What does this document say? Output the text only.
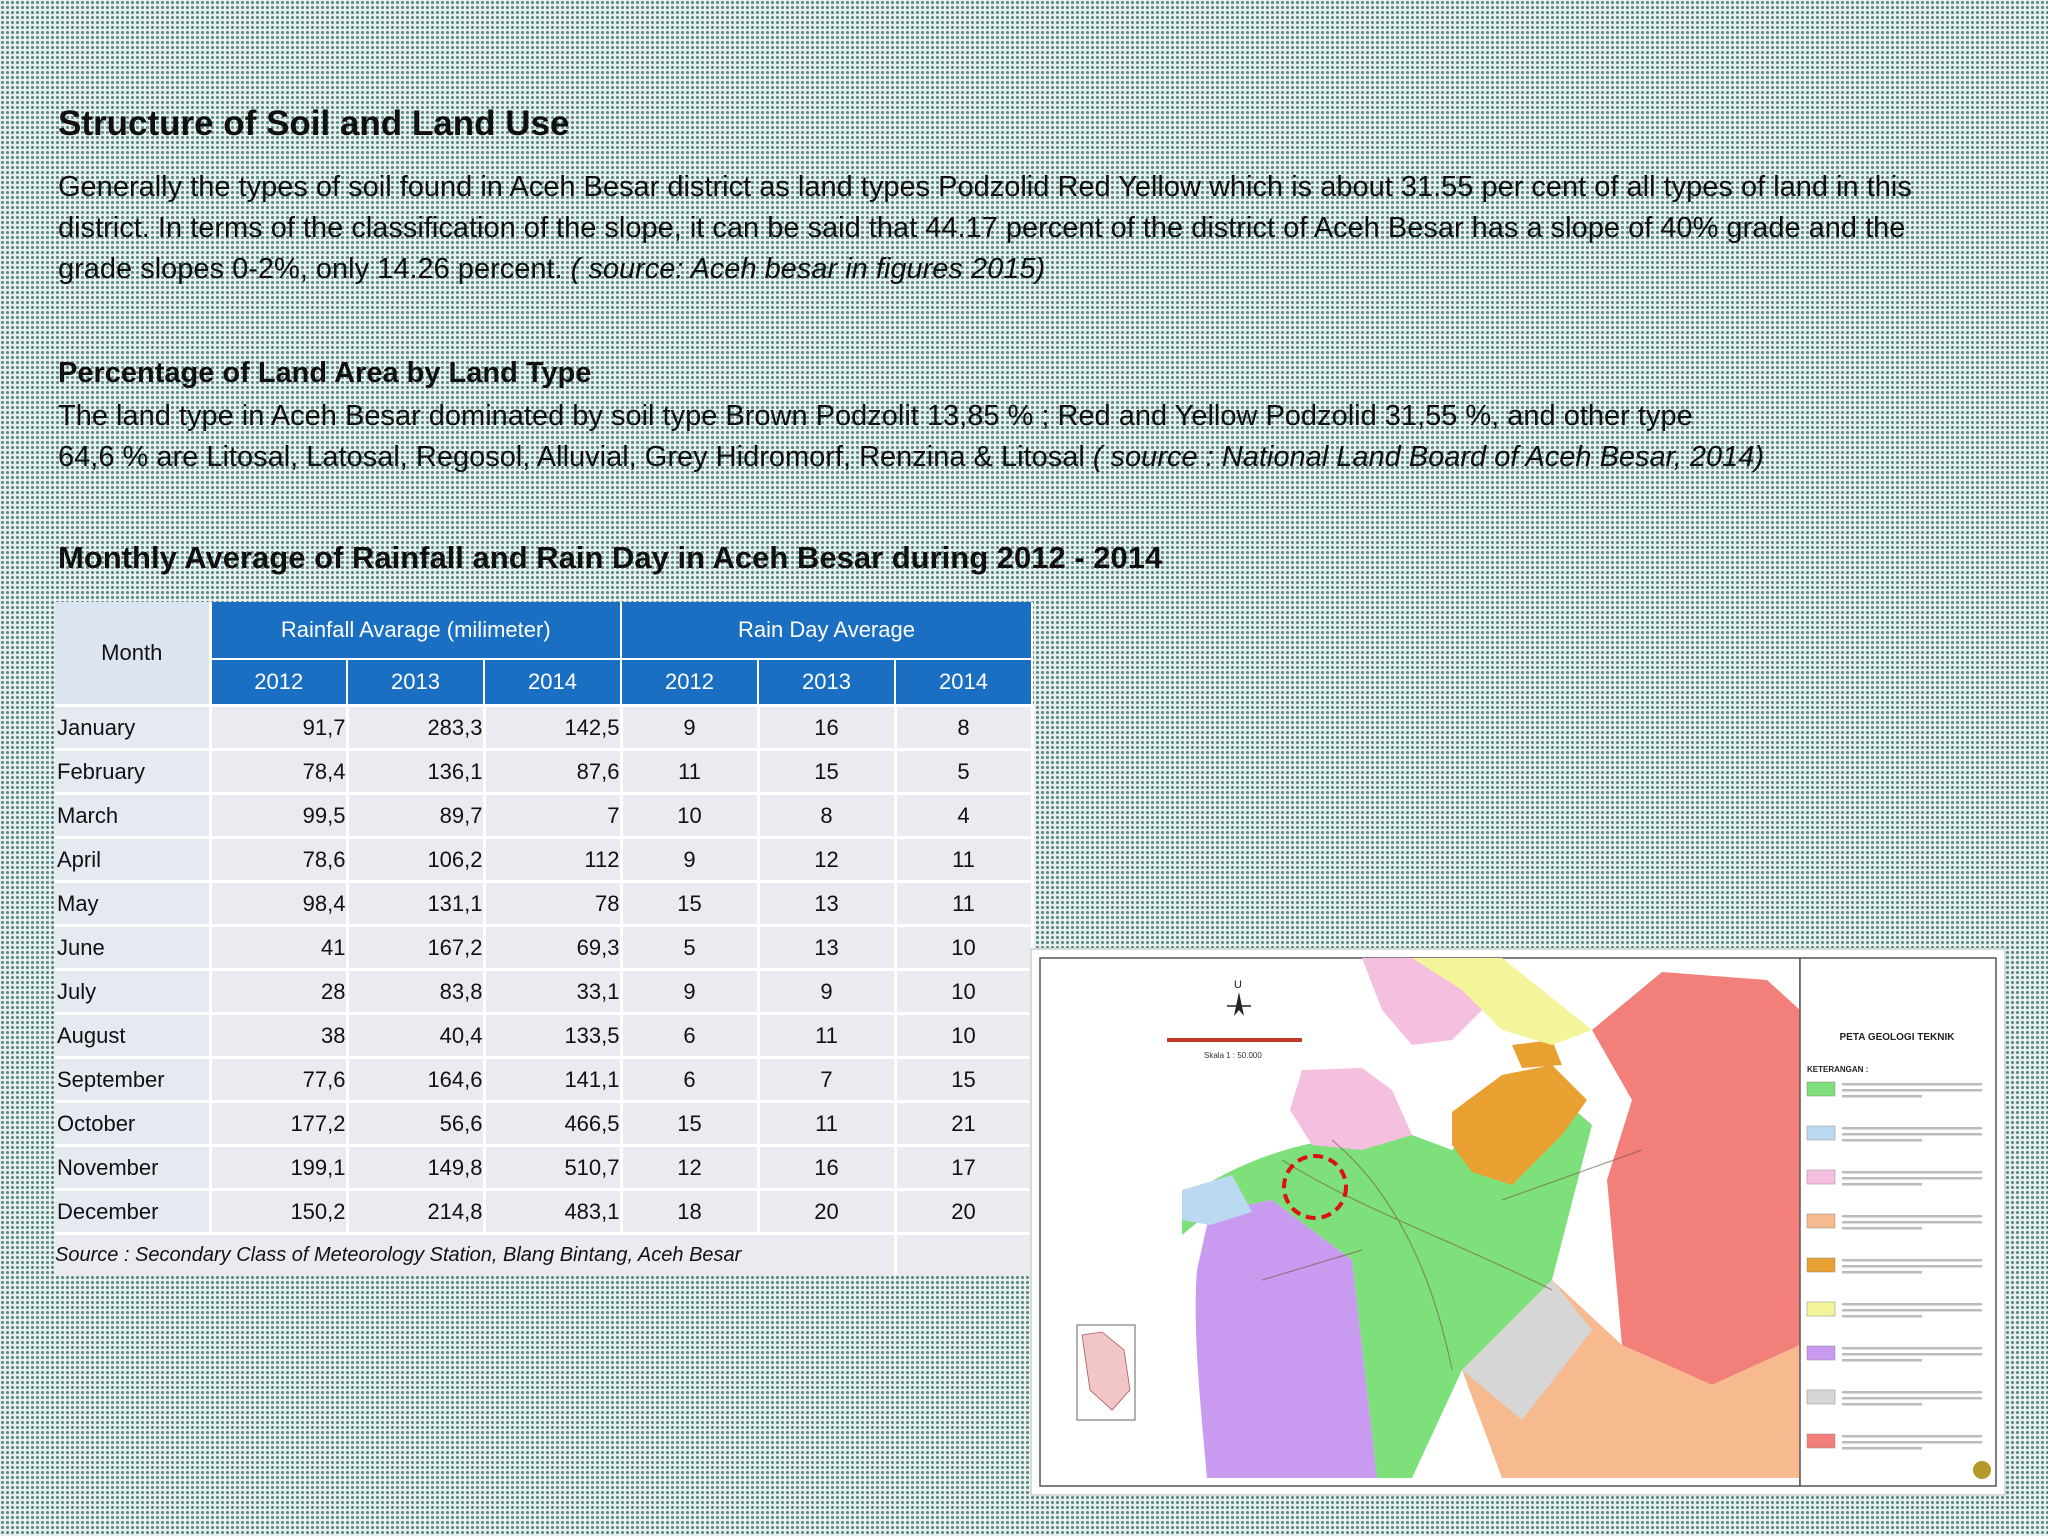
Structure of Soil and Land Use

Generally the types of soil found in Aceh Besar district as land types Podzolid Red Yellow which is about 31.55 per cent of all types of land in this district. In terms of the classification of the slope, it can be said that 44.17 percent of the district of Aceh Besar has a slope of 40% grade and the grade slopes 0-2%, only 14.26 percent. ( source: Aceh besar in figures 2015)

Percentage of Land Area by Land Type

The land type in Aceh Besar dominated by soil type Brown Podzolit 13,85 % ; Red and Yellow Podzolid 31,55 %, and other type
64,6 % are Litosal, Latosal, Regosol, Alluvial, Grey Hidromorf, Renzina & Litosal ( source : National Land Board of Aceh Besar, 2014)

Monthly Average of Rainfall and Rain Day in Aceh Besar during 2012 - 2014
Month	Rainfall Avarage (milimeter)			Rain Day Average		
	2012	2013	2014	2012	2013	2014
January	91,7	283,3	142,5	9	16	8
February	78,4	136,1	87,6	11	15	5
March	99,5	89,7	7	10	8	4
April	78,6	106,2	112	9	12	11
May	98,4	131,1	78	15	13	11
June	41	167,2	69,3	5	13	10
July	28	83,8	33,1	9	9	10
August	38	40,4	133,5	6	11	10
September	77,6	164,6	141,1	6	7	15
October	177,2	56,6	466,5	15	11	21
November	199,1	149,8	510,7	12	16	17
December	150,2	214,8	483,1	18	20	20
Source : Secondary Class of Meteorology Station, Blang Bintang, Aceh Besar						
U
Skala 1 : 50.000
PETA GEOLOGI TEKNIK
KETERANGAN :
